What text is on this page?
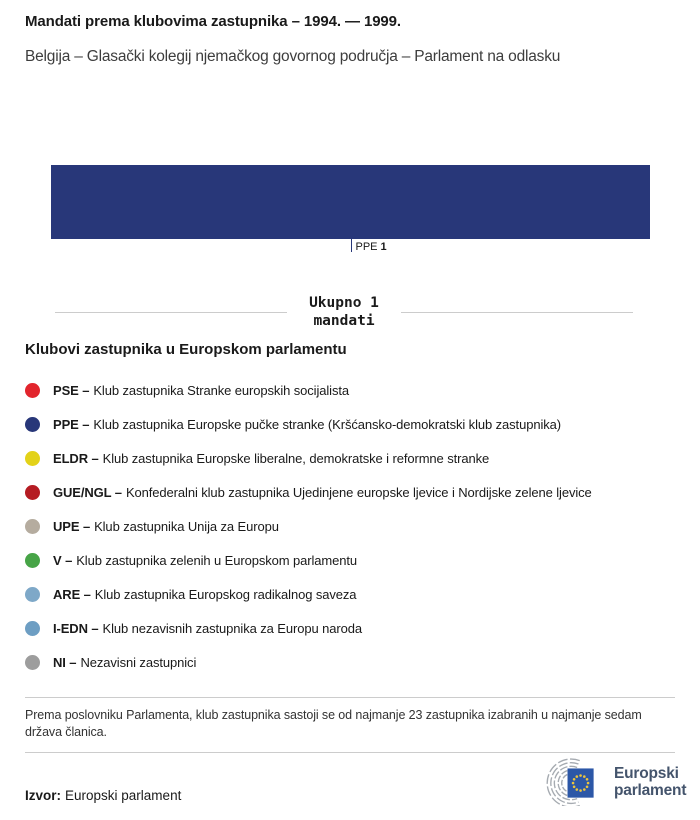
Mandati prema klubovima zastupnika – 1994. — 1999.
Belgija – Glasački kolegij njemačkog govornog područja – Parlament na odlasku
PPE 1
Ukupno 1
mandati
Klubovi zastupnika u Europskom parlamentu
PSE – Klub zastupnika Stranke europskih socijalista
PPE – Klub zastupnika Europske pučke stranke (Kršćansko-demokratski klub zastupnika)
ELDR – Klub zastupnika Europske liberalne, demokratske i reformne stranke
GUE/NGL – Konfederalni klub zastupnika Ujedinjene europske ljevice i Nordijske zelene ljevice
UPE – Klub zastupnika Unija za Europu
V – Klub zastupnika zelenih u Europskom parlamentu
ARE – Klub zastupnika Europskog radikalnog saveza
I-EDN – Klub nezavisnih zastupnika za Europu naroda
NI – Nezavisni zastupnici
Prema poslovniku Parlamenta, klub zastupnika sastoji se od najmanje 23 zastupnika izabranih u najmanje sedam država članica.
Izvor: Europski parlament
Europski
parlament
